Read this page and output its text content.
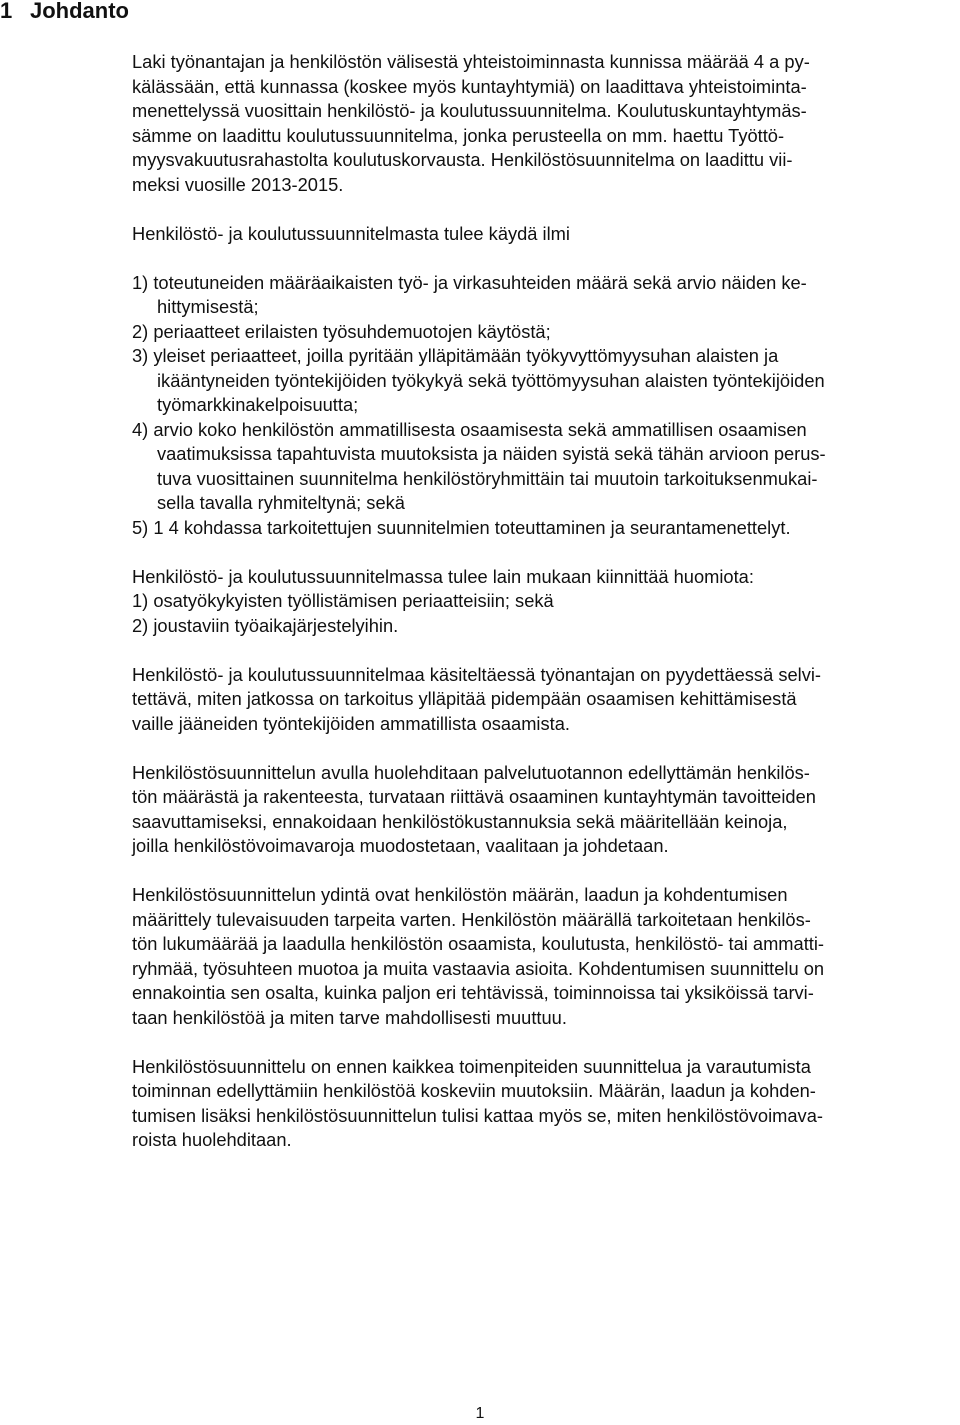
1 Johdanto
Laki työnantajan ja henkilöstön välisestä yhteistoiminnasta kunnissa määrää 4 a py-
kälässään, että kunnassa (koskee myös kuntayhtymiä) on laadittava yhteistoiminta-
menettelyssä vuosittain henkilöstö- ja koulutussuunnitelma. Koulutuskuntayhtymäs-
sämme on laadittu koulutussuunnitelma, jonka perusteella on mm. haettu Työttö-
myysvakuutusrahastolta koulutuskorvausta. Henkilöstösuunnitelma on laadittu vii-
meksi vuosille 2013-2015.
Henkilöstö- ja koulutussuunnitelmasta tulee käydä ilmi
1) toteutuneiden määräaikaisten työ- ja virkasuhteiden määrä sekä arvio näiden ke-
hittymisestä;
2) periaatteet erilaisten työsuhdemuotojen käytöstä;
3) yleiset periaatteet, joilla pyritään ylläpitämään työkyvyttömyysuhan alaisten ja
ikääntyneiden työntekijöiden työkykyä sekä työttömyysuhan alaisten työntekijöiden
työmarkkinakelpoisuutta;
4) arvio koko henkilöstön ammatillisesta osaamisesta sekä ammatillisen osaamisen
vaatimuksissa tapahtuvista muutoksista ja näiden syistä sekä tähän arvioon perus-
tuva vuosittainen suunnitelma henkilöstöryhmittäin tai muutoin tarkoituksenmukai-
sella tavalla ryhmiteltynä; sekä
5) 1 4 kohdassa tarkoitettujen suunnitelmien toteuttaminen ja seurantamenettelyt.
Henkilöstö- ja koulutussuunnitelmassa tulee lain mukaan kiinnittää huomiota:
1) osatyökykyisten työllistämisen periaatteisiin; sekä
2) joustaviin työaikajärjestelyihin.
Henkilöstö- ja koulutussuunnitelmaa käsiteltäessä työnantajan on pyydettäessä selvi-
tettävä, miten jatkossa on tarkoitus ylläpitää pidempään osaamisen kehittämisestä
vaille jääneiden työntekijöiden ammatillista osaamista.
Henkilöstösuunnittelun avulla huolehditaan palvelutuotannon edellyttämän henkilös-
tön määrästä ja rakenteesta, turvataan riittävä osaaminen kuntayhtymän tavoitteiden
saavuttamiseksi, ennakoidaan henkilöstökustannuksia sekä määritellään keinoja,
joilla henkilöstövoimavaroja muodostetaan, vaalitaan ja johdetaan.
Henkilöstösuunnittelun ydintä ovat henkilöstön määrän, laadun ja kohdentumisen
määrittely tulevaisuuden tarpeita varten. Henkilöstön määrällä tarkoitetaan henkilös-
tön lukumäärää ja laadulla henkilöstön osaamista, koulutusta, henkilöstö- tai ammatti-
ryhmää, työsuhteen muotoa ja muita vastaavia asioita. Kohdentumisen suunnittelu on
ennakointia sen osalta, kuinka paljon eri tehtävissä, toiminnoissa tai yksiköissä tarvi-
taan henkilöstöä ja miten tarve mahdollisesti muuttuu.
Henkilöstösuunnittelu on ennen kaikkea toimenpiteiden suunnittelua ja varautumista
toiminnan edellyttämiin henkilöstöä koskeviin muutoksiin. Määrän, laadun ja kohden-
tumisen lisäksi henkilöstösuunnittelun tulisi kattaa myös se, miten henkilöstövoimava-
roista huolehditaan.
1
